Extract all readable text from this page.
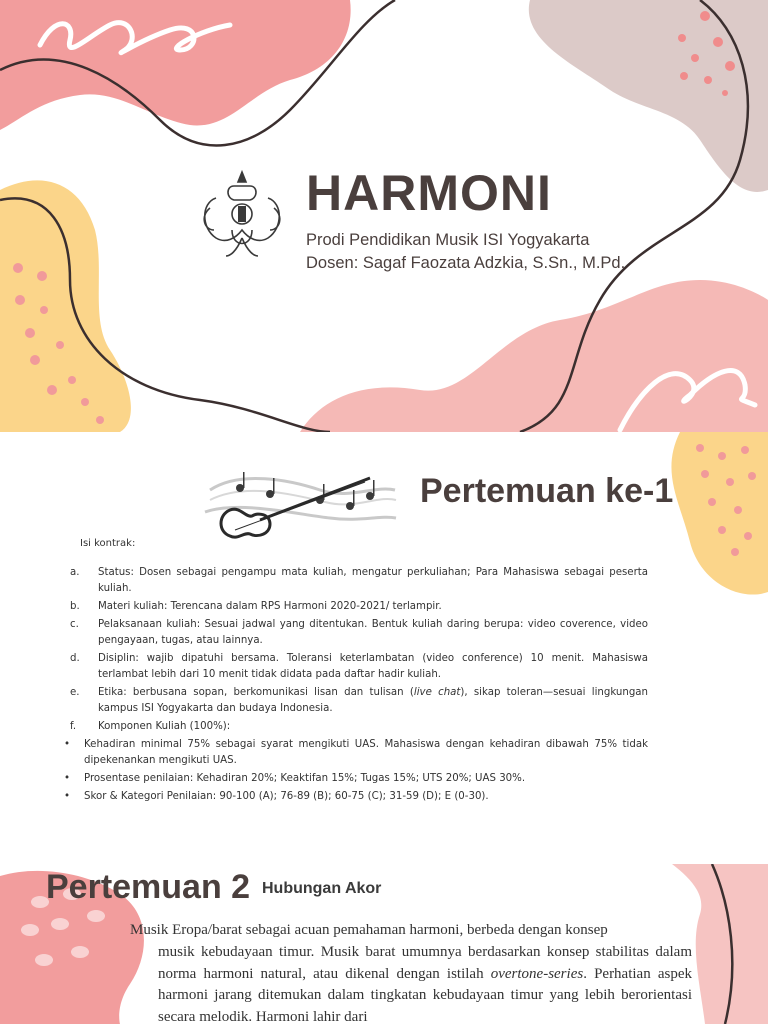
HARMONI

Prodi Pendidikan Musik ISI Yogyakarta

Dosen: Sagaf Faozata Adzkia, S.Sn., M.Pd.

Pertemuan ke-1

Isi kontrak:

a.	Status: Dosen sebagai pengampu mata kuliah, mengatur perkuliahan; Para Mahasiswa sebagai peserta kuliah.
b.	Materi kuliah: Terencana dalam RPS Harmoni 2020-2021/ terlampir.
c.	Pelaksanaan kuliah: Sesuai jadwal yang ditentukan. Bentuk kuliah daring berupa: video coverence, video pengayaan, tugas, atau lainnya.
d.	Disiplin: wajib dipatuhi bersama. Toleransi keterlambatan (video conference) 10 menit. Mahasiswa terlambat lebih dari 10 menit tidak didata pada daftar hadir kuliah.
e.	Etika: berbusana sopan, berkomunikasi lisan dan tulisan (live chat), sikap toleran—sesuai lingkungan kampus ISI Yogyakarta dan budaya Indonesia.
f.	Komponen Kuliah (100%):
•	Kehadiran minimal 75% sebagai syarat mengikuti UAS. Mahasiswa dengan kehadiran dibawah 75% tidak dipekenankan mengikuti UAS.
•	Prosentase penilaian: Kehadiran 20%; Keaktifan 15%; Tugas 15%; UTS 20%; UAS 30%.
•	Skor & Kategori Penilaian: 90-100 (A); 76-89 (B); 60-75 (C); 31-59 (D); E (0-30).
Pertemuan 2 Hubungan Akor

Musik Eropa/barat sebagai acuan pemahaman harmoni, berbeda dengan konsep
musik kebudayaan timur. Musik barat umumnya berdasarkan konsep stabilitas dalam norma harmoni natural, atau dikenal dengan istilah overtone-series. Perhatian aspek harmoni jarang ditemukan dalam tingkatan kebudayaan timur yang lebih berorientasi secara melodik. Harmoni lahir dari
